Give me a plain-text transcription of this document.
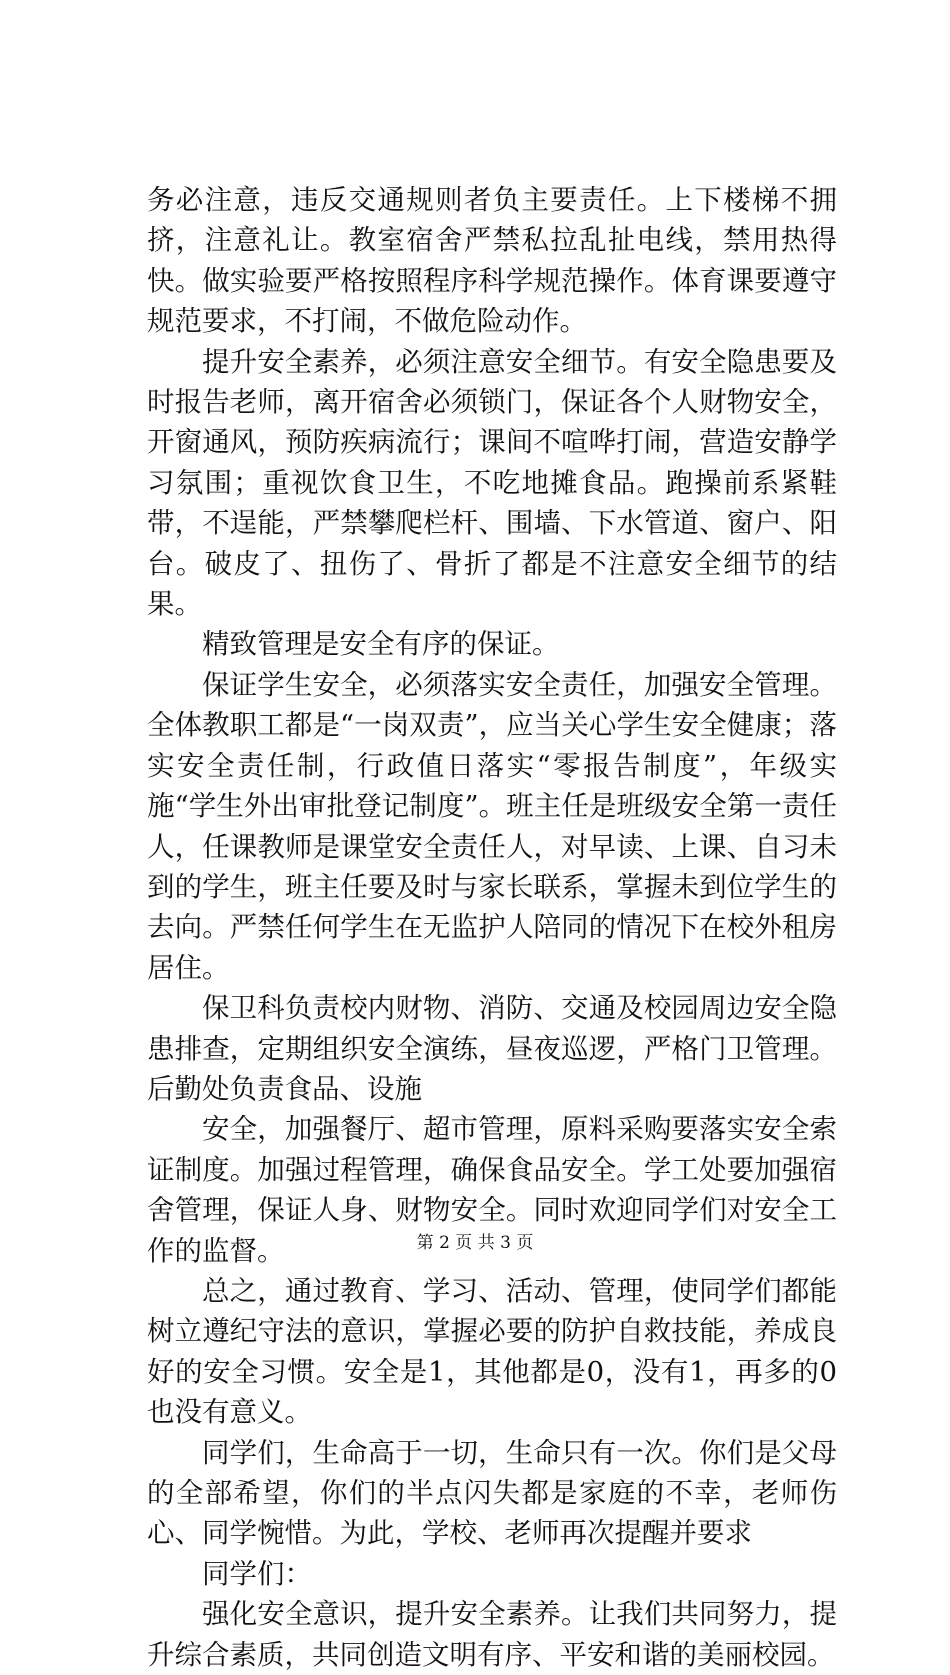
务必注意，违反交通规则者负主要责任。上下楼梯不拥挤，注意礼让。教室宿舍严禁私拉乱扯电线，禁用热得快。做实验要严格按照程序科学规范操作。体育课要遵守规范要求，不打闹，不做危险动作。

提升安全素养，必须注意安全细节。有安全隐患要及时报告老师，离开宿舍必须锁门，保证各个人财物安全，开窗通风，预防疾病流行；课间不喧哗打闹，营造安静学习氛围；重视饮食卫生，不吃地摊食品。跑操前系紧鞋带，不逞能，严禁攀爬栏杆、围墙、下水管道、窗户、阳台。破皮了、扭伤了、骨折了都是不注意安全细节的结果。

精致管理是安全有序的保证。

保证学生安全，必须落实安全责任，加强安全管理。全体教职工都是“一岗双责”，应当关心学生安全健康；落实安全责任制，行政值日落实“零报告制度”，年级实施“学生外出审批登记制度”。班主任是班级安全第一责任人，任课教师是课堂安全责任人，对早读、上课、自习未到的学生，班主任要及时与家长联系，掌握未到位学生的去向。严禁任何学生在无监护人陪同的情况下在校外租房居住。

保卫科负责校内财物、消防、交通及校园周边安全隐患排查，定期组织安全演练，昼夜巡逻，严格门卫管理。后勤处负责食品、设施

安全，加强餐厅、超市管理，原料采购要落实安全索证制度。加强过程管理，确保食品安全。学工处要加强宿舍管理，保证人身、财物安全。同时欢迎同学们对安全工作的监督。

总之，通过教育、学习、活动、管理，使同学们都能树立遵纪守法的意识，掌握必要的防护自救技能，养成良好的安全习惯。安全是1，其他都是0，没有1，再多的0也没有意义。

同学们，生命高于一切，生命只有一次。你们是父母的全部希望，你们的半点闪失都是家庭的不幸，老师伤心、同学惋惜。为此，学校、老师再次提醒并要求

同学们：

强化安全意识，提升安全素养。让我们共同努力，提升综合素质，共同创造文明有序、平安和谐的美丽校园。

第 2 页 共 3 页
